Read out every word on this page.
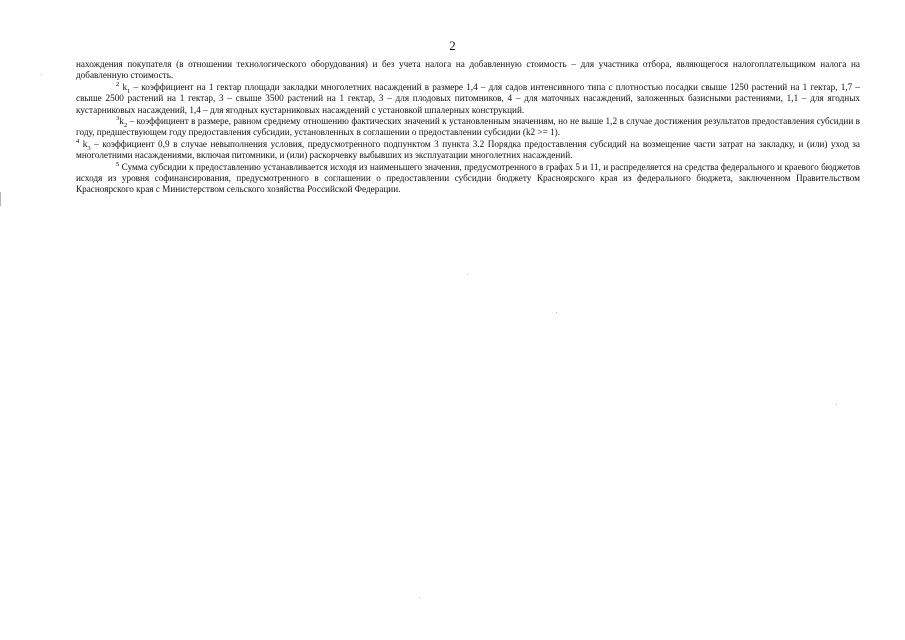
2

нахождения покупателя (в отношении технологического оборудования) и без учета налога на добавленную стоимость – для участника отбора, являющегося налогоплательщиком налога на добавленную стоимость.

$^2$ $k_1$ – коэффициент на 1 гектар площади закладки многолетних насаждений в размере 1,4 – для садов интенсивного типа с плотностью посадки свыше 1250 растений на 1 гектар, 1,7 – свыше 2500 растений на 1 гектар, 3 – свыше 3500 растений на 1 гектар, 3 – для плодовых питомников, 4 – для маточных насаждений, заложенных базисными растениями, 1,1 – для ягодных кустарниковых насаждений, 1,4 – для ягодных кустарниковых насаждений с установкой шпалерных конструкций.

$^3k_2$ – коэффициент в размере, равном среднему отношению фактических значений к установленным значениям, но не выше 1,2 в случае достижения результатов предоставления субсидии в году, предшествующем году предоставления субсидии, установленных в соглашении о предоставлении субсидии (k2 >= 1).

$^4$ $k_3$ – коэффициент 0,9 в случае невыполнения условия, предусмотренного подпунктом 3 пункта 3.2 Порядка предоставления субсидий на возмещение части затрат на закладку, и (или) уход за многолетними насаждениями, включая питомники, и (или) раскорчевку выбывших из эксплуатации многолетних насаждений.

$^5$ Сумма субсидии к предоставлению устанавливается исходя из наименьшего значения, предусмотренного в графах 5 и 11, и распределяется на средства федерального и краевого бюджетов исходя из уровня софинансирования, предусмотренного в соглашении о предоставлении субсидии бюджету Красноярского края из федерального бюджета, заключенном Правительством Красноярского края с Министерством сельского хозяйства Российской Федерации.
